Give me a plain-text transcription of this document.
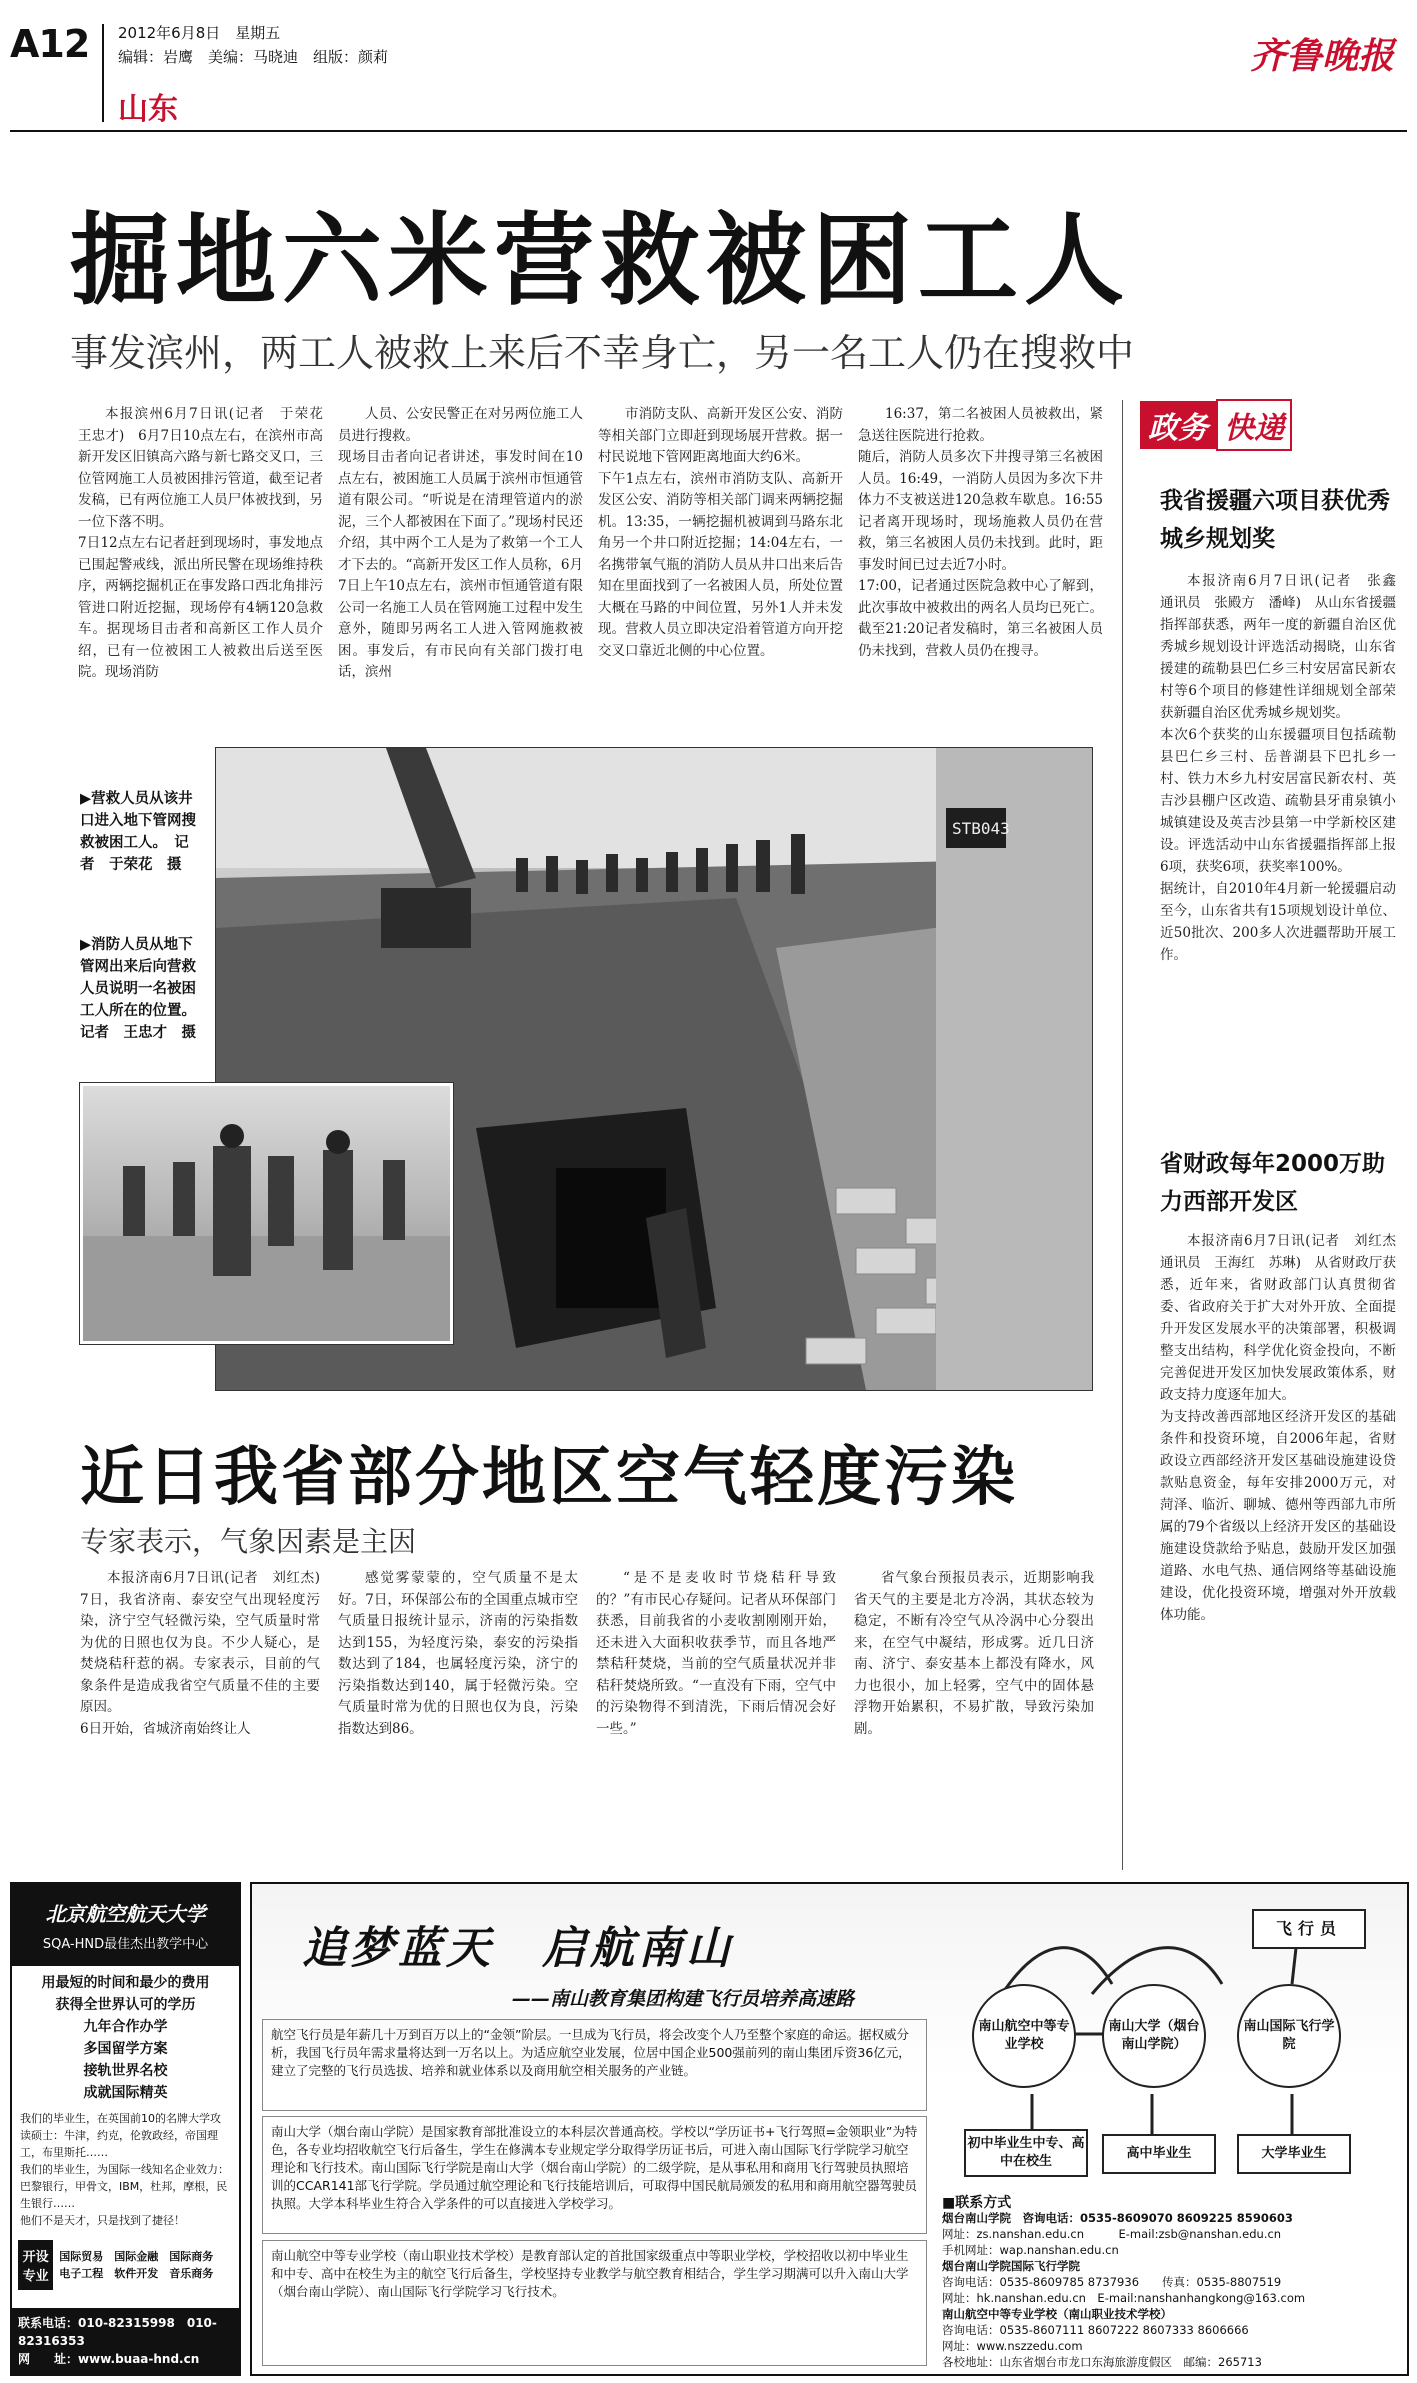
A12 2012年6月8日　星期五
编辑：岩鹰　美编：马晓迪　组版：颜莉
山东
齐鲁晚报
掘地六米营救被困工人
事发滨州，两工人被救上来后不幸身亡，另一名工人仍在搜救中

本报滨州6月7日讯(记者　于荣花　王忠才)　6月7日10点左右，在滨州市高新开发区旧镇高六路与新七路交叉口，三位管网施工人员被困排污管道，截至记者发稿，已有两位施工人员尸体被找到，另一位下落不明。
7日12点左右记者赶到现场时，事发地点已围起警戒线，派出所民警在现场维持秩序，两辆挖掘机正在事发路口西北角排污管进口附近挖掘，现场停有4辆120急救车。据现场目击者和高新区工作人员介绍，已有一位被困工人被救出后送至医院。现场消防

人员、公安民警正在对另两位施工人员进行搜救。
现场目击者向记者讲述，事发时间在10点左右，被困施工人员属于滨州市恒通管道有限公司。“听说是在清理管道内的淤泥，三个人都被困在下面了。”现场村民还介绍，其中两个工人是为了救第一个工人才下去的。“高新开发区工作人员称，6月7日上午10点左右，滨州市恒通管道有限公司一名施工人员在管网施工过程中发生意外，随即另两名工人进入管网施救被困。事发后，有市民向有关部门拨打电话，滨州

市消防支队、高新开发区公安、消防等相关部门立即赶到现场展开营救。据一村民说地下管网距离地面大约6米。
下午1点左右，滨州市消防支队、高新开发区公安、消防等相关部门调来两辆挖掘机。13:35，一辆挖掘机被调到马路东北角另一个井口附近挖掘；14:04左右，一名携带氧气瓶的消防人员从井口出来后告知在里面找到了一名被困人员，所处位置大概在马路的中间位置，另外1人并未发现。营救人员立即决定沿着管道方向开挖交叉口靠近北侧的中心位置。

16:37，第二名被困人员被救出，紧急送往医院进行抢救。
随后，消防人员多次下井搜寻第三名被困人员。16:49，一消防人员因为多次下井体力不支被送进120急救车歇息。16:55记者离开现场时，现场施救人员仍在营救，第三名被困人员仍未找到。此时，距事发时间已过去近7小时。
17:00，记者通过医院急救中心了解到，此次事故中被救出的两名人员均已死亡。截至21:20记者发稿时，第三名被困人员仍未找到，营救人员仍在搜寻。

▶营救人员从该井口进入地下管网搜救被困工人。　记者　于荣花　摄
▶消防人员从地下管网出来后向营救人员说明一名被困工人所在的位置。　记者　王忠才　摄
STB043
近日我省部分地区空气轻度污染
专家表示，气象因素是主因

本报济南6月7日讯(记者　刘红杰)　7日，我省济南、泰安空气出现轻度污染，济宁空气轻微污染，空气质量时常为优的日照也仅为良。不少人疑心，是焚烧秸秆惹的祸。专家表示，目前的气象条件是造成我省空气质量不佳的主要原因。
6日开始，省城济南始终让人

感觉雾蒙蒙的，空气质量不是太好。7日，环保部公布的全国重点城市空气质量日报统计显示，济南的污染指数达到155，为轻度污染，泰安的污染指数达到了184，也属轻度污染，济宁的污染指数达到140，属于轻微污染。空气质量时常为优的日照也仅为良，污染指数达到86。

“是不是麦收时节烧秸秆导致的？”有市民心存疑问。记者从环保部门获悉，目前我省的小麦收割刚刚开始，还未进入大面积收获季节，而且各地严禁秸秆焚烧，当前的空气质量状况并非秸秆焚烧所致。“一直没有下雨，空气中的污染物得不到清洗，下雨后情况会好一些。”

省气象台预报员表示，近期影响我省天气的主要是北方冷涡，其状态较为稳定，不断有冷空气从冷涡中心分裂出来，在空气中凝结，形成雾。近几日济南、济宁、泰安基本上都没有降水，风力也很小，加上轻雾，空气中的固体悬浮物开始累积，不易扩散，导致污染加剧。

政务 快递
我省援疆六项目获优秀城乡规划奖

本报济南6月7日讯(记者　张鑫　通讯员　张殿方　潘峰)　从山东省援疆指挥部获悉，两年一度的新疆自治区优秀城乡规划设计评选活动揭晓，山东省援建的疏勒县巴仁乡三村安居富民新农村等6个项目的修建性详细规划全部荣获新疆自治区优秀城乡规划奖。
本次6个获奖的山东援疆项目包括疏勒县巴仁乡三村、岳普湖县下巴扎乡一村、铁力木乡九村安居富民新农村、英吉沙县棚户区改造、疏勒县牙甫泉镇小城镇建设及英吉沙县第一中学新校区建设。评选活动中山东省援疆指挥部上报6项，获奖6项，获奖率100%。
据统计，自2010年4月新一轮援疆启动至今，山东省共有15项规划设计单位、近50批次、200多人次进疆帮助开展工作。

省财政每年2000万助力西部开发区

本报济南6月7日讯(记者　刘红杰　通讯员　王海红　苏琳)　从省财政厅获悉，近年来，省财政部门认真贯彻省委、省政府关于扩大对外开放、全面提升开发区发展水平的决策部署，积极调整支出结构，科学优化资金投向，不断完善促进开发区加快发展政策体系，财政支持力度逐年加大。
为支持改善西部地区经济开发区的基础条件和投资环境，自2006年起，省财政设立西部经济开发区基础设施建设贷款贴息资金，每年安排2000万元，对菏泽、临沂、聊城、德州等西部九市所属的79个省级以上经济开发区的基础设施建设贷款给予贴息，鼓励开发区加强道路、水电气热、通信网络等基础设施建设，优化投资环境，增强对外开放载体功能。

北京航空航天大学
SQA-HND最佳杰出教学中心
用最短的时间和最少的费用
获得全世界认可的学历
九年合作办学
多国留学方案
接轨世界名校
成就国际精英
我们的毕业生，在英国前10的名牌大学攻读硕士：牛津，约克，伦敦政经，帝国理工，布里斯托……
我们的毕业生，为国际一线知名企业效力：巴黎银行，甲骨文，IBM，杜邦，摩根，民生银行……
他们不是天才，只是找到了捷径！
开设专业
国际贸易　国际金融　国际商务　电子工程　软件开发　音乐商务
联系电话：010-82315998　010-82316353
网　　址：www.buaa-hnd.cn
追梦蓝天　启航南山
——南山教育集团构建飞行员培养高速路
航空飞行员是年薪几十万到百万以上的“金领”阶层。一旦成为飞行员，将会改变个人乃至整个家庭的命运。据权威分析，我国飞行员年需求量将达到一万名以上。为适应航空业发展，位居中国企业500强前列的南山集团斥资36亿元，建立了完整的飞行员选拔、培养和就业体系以及商用航空相关服务的产业链。
南山大学（烟台南山学院）是国家教育部批准设立的本科层次普通高校。学校以“学历证书+飞行驾照=金领职业”为特色，各专业均招收航空飞行后备生，学生在修满本专业规定学分取得学历证书后，可进入南山国际飞行学院学习航空理论和飞行技术。南山国际飞行学院是南山大学（烟台南山学院）的二级学院，是从事私用和商用飞行驾驶员执照培训的CCAR141部飞行学院。学员通过航空理论和飞行技能培训后，可取得中国民航局颁发的私用和商用航空器驾驶员执照。大学本科毕业生符合入学条件的可以直接进入学校学习。
南山航空中等专业学校（南山职业技术学校）是教育部认定的首批国家级重点中等职业学校，学校招收以初中毕业生和中专、高中在校生为主的航空飞行后备生，学校坚持专业教学与航空教育相结合，学生学习期满可以升入南山大学（烟台南山学院）、南山国际飞行学院学习飞行技术。
飞行员
南山航空中等专业学校
南山大学（烟台南山学院）
南山国际飞行学院
初中毕业生中专、高中在校生
高中毕业生	大学毕业生
■联系方式
烟台南山学院　咨询电话：0535-8609070 8609225 8590603
网址：zs.nanshan.edu.cn　　　E-mail:zsb@nanshan.edu.cn
手机网址：wap.nanshan.edu.cn
烟台南山学院国际飞行学院
咨询电话：0535-8609785 8737936　　传真：0535-8807519
网址：hk.nanshan.edu.cn　E-mail:nanshanhangkong@163.com
南山航空中等专业学校（南山职业技术学校）
咨询电话：0535-8607111 8607222 8607333 8606666
网址：www.nszzedu.com
各校地址：山东省烟台市龙口东海旅游度假区　邮编：265713
